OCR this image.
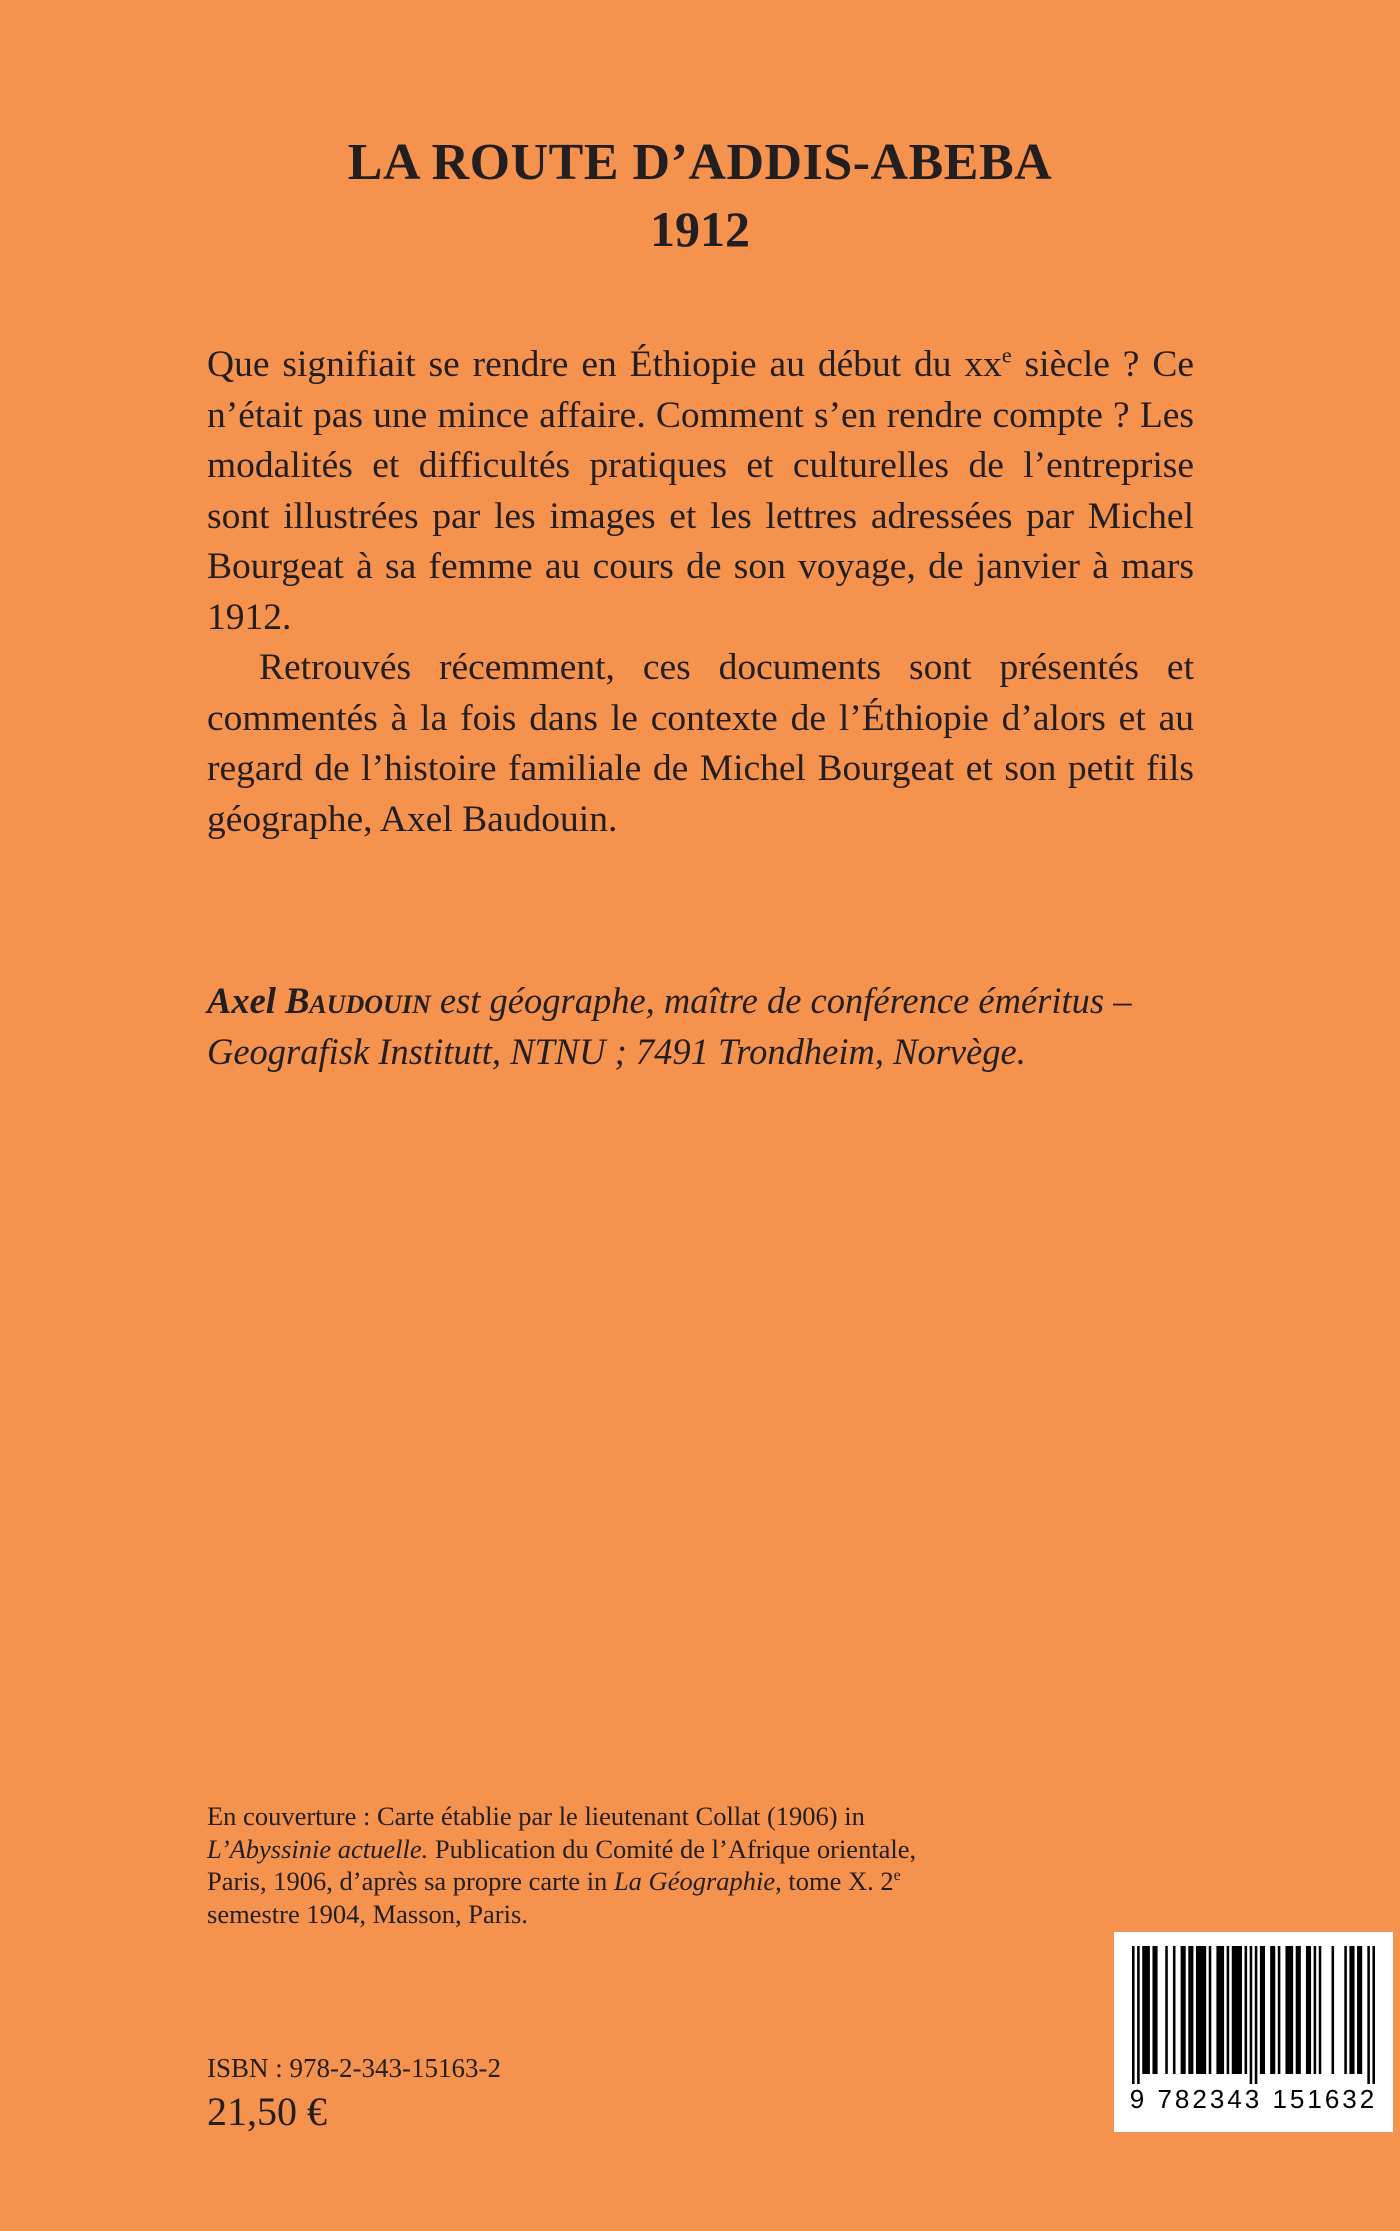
LA ROUTE D’ADDIS-ABEBA
1912

Que signifiait se rendre en Éthiopie au début du $xx^e$ siècle ? Ce n’était pas une mince affaire. Comment s’en rendre compte ? Les modalités et difficultés pratiques et culturelles de l’entreprise sont illustrées par les images et les lettres adressées par Michel Bourgeat à sa femme au cours de son voyage, de janvier à mars 1912.

Retrouvés récemment, ces documents sont présentés et commentés à la fois dans le contexte de l’Éthiopie d’alors et au regard de l’histoire familiale de Michel Bourgeat et son petit fils géographe, Axel Baudouin.

Axel Baudouin est géographe, maître de conférence éméritus – Geografisk Institutt, NTNU ; 7491 Trondheim, Norvège.

En couverture : Carte établie par le lieutenant Collat (1906) in L’Abyssinie actuelle. Publication du Comité de l’Afrique orientale, Paris, 1906, d’après sa propre carte in La Géographie, tome X. 2e semestre 1904, Masson, Paris.

ISBN : 978-2-343-15163-2
21,50 €	9 782343 151632
